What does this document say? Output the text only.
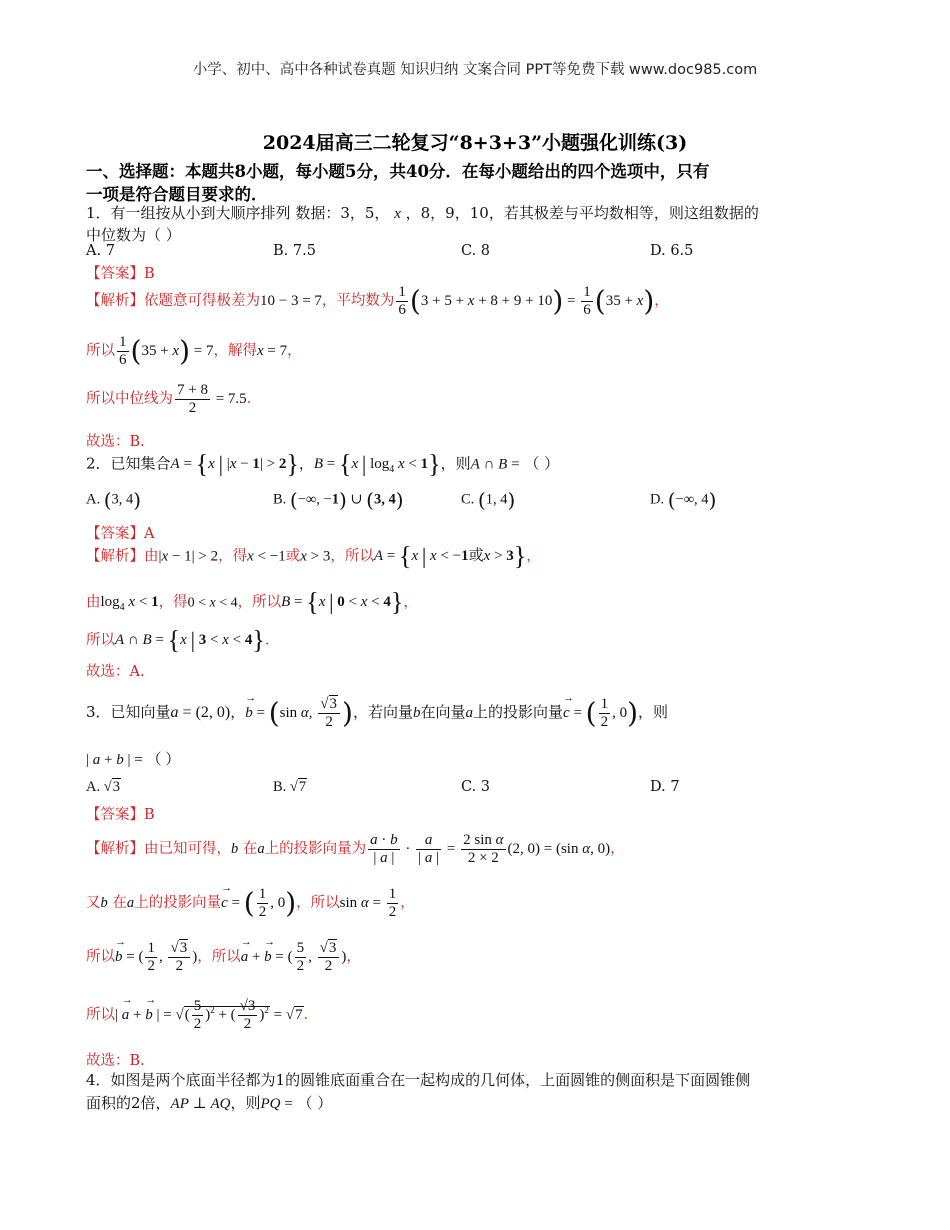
小学、初中、高中各种试卷真题 知识归纳 文案合同 PPT等免费下载 www.doc985.com
2024届高三二轮复习“8+3+3”小题强化训练(3)
一、选择题：本题共8小题，每小题5分，共40分．在每小题给出的四个选项中，只有
一项是符合题目要求的．
1．有一组按从小到大顺序排列 数据：3，5， x ，8，9，10，若其极差与平均数相等，则这组数据的
中位数为（ ）
A. 7	B. 7.5	C. 8	D. 6.5
【答案】B
【解析】依题意可得极差为10 − 3 = 7，平均数为 $\frac{1}{6} (3 + 5 + x + 8 + 9 + 10) = \frac{1}{6} (35 + x)$，
所以 $\frac{1}{6} (35 + x) = 7$，解得x = 7，
所以中位线为 $\frac{7 + 8}{2} = 7.5$．
故选：B.
2．已知集合A = {x | |x − 1| > 2}，B = {x | $\log_4 x < 1$}，则A ∩ B = （ ）
A. (3, 4)	B. (−∞, −1) ∪ (3, 4)	C. (1, 4)	D. (−∞, 4)
【答案】A
【解析】由|x − 1| > 2，得x < −1或x > 3，所以A = {x | x < −1或x > 3}，
由$\log_4 x < 1$，得0 < x < 4，所以B = {x | 0 < x < 4}，
所以A ∩ B = {x | 3 < x < 4}．
故选：A.
3．已知向量a = (2, 0)，→ b = (sin α, $\frac{√3}{2}$ )，若向量b在向量a上的投影向量→ c = ( $\frac{1}{2}$ , 0)，则
| a + b | = （ ）
A. √3	B. √7	C. 3	D. 7
【答案】B
【解析】由已知可得，b 在a上的投影向量为 $\frac{a \cdot b}{| a |} \cdot \frac{a}{| a |} = \frac{\text{2 sin α}}{2 \times 2} (2$, 0) = (sin α, 0)，
又b 在a上的投影向量→ c = ( $\frac{1}{2}$ , 0)，所以$\sin \alpha = \frac{1}{2}$ ，
所以→ b = ( $\frac{1}{2}$ , $\frac{√3}{2}$ )，所以→ a + → b = ( $\frac{5}{2}$ , $\frac{√3}{2}$ )，
所以| → a + → b | = √( $\frac{5}{2} )^2$ + ( $\frac{√3}{2} )^2 = √7$．
故选：B.
4．如图是两个底面半径都为1的圆锥底面重合在一起构成的几何体，上面圆锥的侧面积是下面圆锥侧
面积的2倍，AP ⊥ AQ，则PQ = （ ）
